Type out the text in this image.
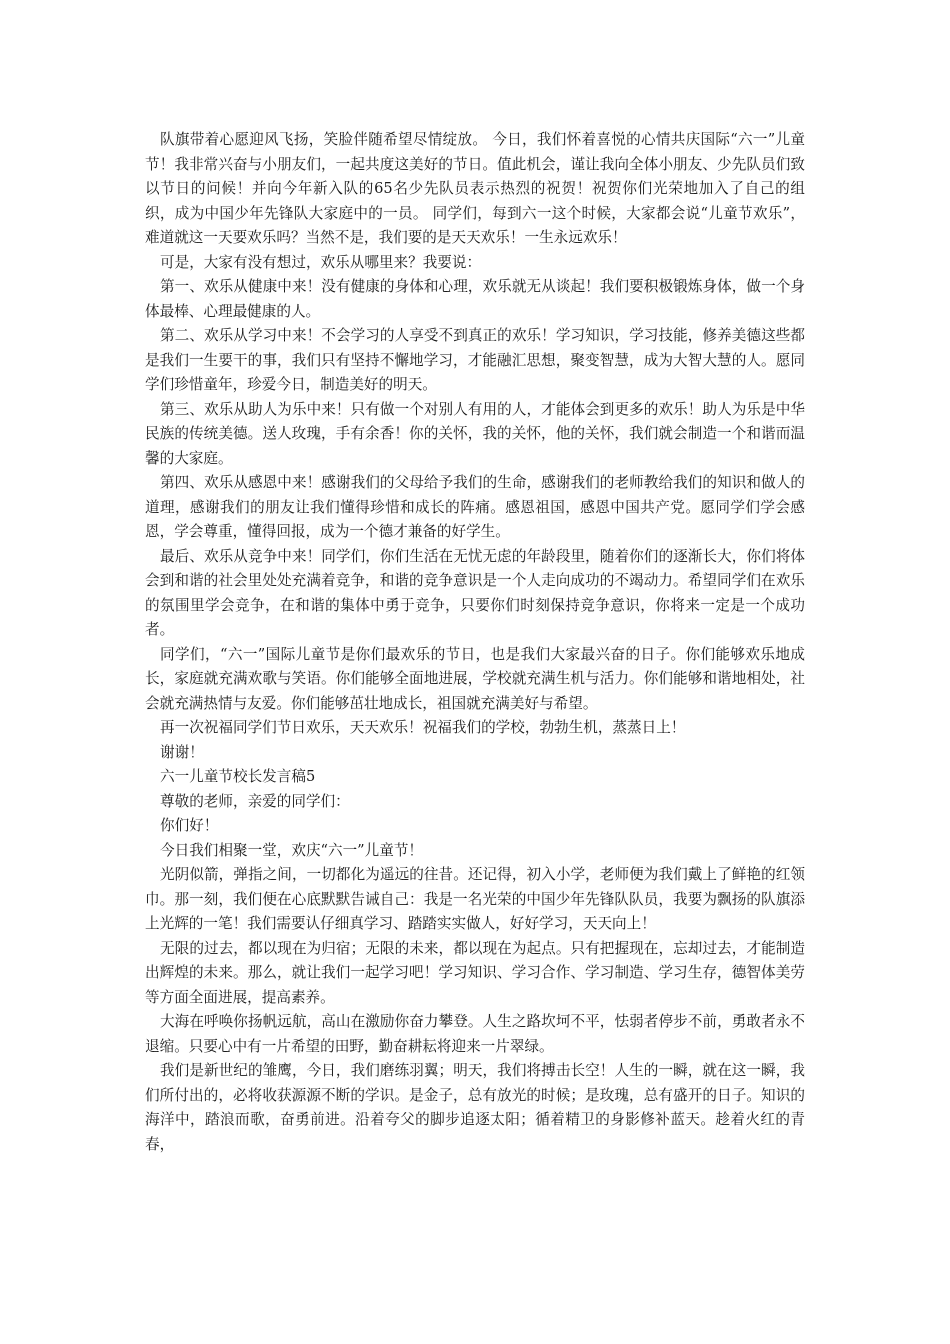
队旗带着心愿迎风飞扬，笑脸伴随希望尽情绽放。 今日，我们怀着喜悦的心情共庆国际“六一”儿童节！我非常兴奋与小朋友们，一起共度这美好的节日。值此机会，谨让我向全体小朋友、少先队员们致以节日的问候！并向今年新入队的65名少先队员表示热烈的祝贺！祝贺你们光荣地加入了自己的组织，成为中国少年先锋队大家庭中的一员。 同学们，每到六一这个时候，大家都会说“儿童节欢乐”，难道就这一天要欢乐吗？当然不是，我们要的是天天欢乐！一生永远欢乐！

可是，大家有没有想过，欢乐从哪里来？我要说：

第一、欢乐从健康中来！没有健康的身体和心理，欢乐就无从谈起！我们要积极锻炼身体，做一个身体最棒、心理最健康的人。

第二、欢乐从学习中来！不会学习的人享受不到真正的欢乐！学习知识，学习技能，修养美德这些都是我们一生要干的事，我们只有坚持不懈地学习，才能融汇思想，聚变智慧，成为大智大慧的人。愿同学们珍惜童年，珍爱今日，制造美好的明天。

第三、欢乐从助人为乐中来！只有做一个对别人有用的人，才能体会到更多的欢乐！助人为乐是中华民族的传统美德。送人玫瑰，手有余香！你的关怀，我的关怀，他的关怀，我们就会制造一个和谐而温馨的大家庭。

第四、欢乐从感恩中来！感谢我们的父母给予我们的生命，感谢我们的老师教给我们的知识和做人的道理，感谢我们的朋友让我们懂得珍惜和成长的阵痛。感恩祖国，感恩中国共产党。愿同学们学会感恩，学会尊重，懂得回报，成为一个德才兼备的好学生。

最后、欢乐从竞争中来！同学们，你们生活在无忧无虑的年龄段里，随着你们的逐渐长大，你们将体会到和谐的社会里处处充满着竞争，和谐的竞争意识是一个人走向成功的不竭动力。希望同学们在欢乐的氛围里学会竞争，在和谐的集体中勇于竞争，只要你们时刻保持竞争意识，你将来一定是一个成功者。

同学们，“六一”国际儿童节是你们最欢乐的节日，也是我们大家最兴奋的日子。你们能够欢乐地成长，家庭就充满欢歌与笑语。你们能够全面地进展，学校就充满生机与活力。你们能够和谐地相处，社会就充满热情与友爱。你们能够茁壮地成长，祖国就充满美好与希望。

再一次祝福同学们节日欢乐，天天欢乐！祝福我们的学校，勃勃生机，蒸蒸日上！

谢谢！

六一儿童节校长发言稿5

尊敬的老师，亲爱的同学们：

你们好！

今日我们相聚一堂，欢庆“六一”儿童节！

光阴似箭，弹指之间，一切都化为遥远的往昔。还记得，初入小学，老师便为我们戴上了鲜艳的红领巾。那一刻，我们便在心底默默告诫自己：我是一名光荣的中国少年先锋队队员，我要为飘扬的队旗添上光辉的一笔！我们需要认仔细真学习、踏踏实实做人，好好学习，天天向上！

无限的过去，都以现在为归宿；无限的未来，都以现在为起点。只有把握现在，忘却过去，才能制造出辉煌的未来。那么，就让我们一起学习吧！学习知识、学习合作、学习制造、学习生存，德智体美劳等方面全面进展，提高素养。

大海在呼唤你扬帆远航，高山在激励你奋力攀登。人生之路坎坷不平，怯弱者停步不前，勇敢者永不退缩。只要心中有一片希望的田野，勤奋耕耘将迎来一片翠绿。

我们是新世纪的雏鹰，今日，我们磨练羽翼；明天，我们将搏击长空！人生的一瞬，就在这一瞬，我们所付出的，必将收获源源不断的学识。是金子，总有放光的时候；是玫瑰，总有盛开的日子。知识的海洋中，踏浪而歌，奋勇前进。沿着夸父的脚步追逐太阳；循着精卫的身影修补蓝天。趁着火红的青春，
